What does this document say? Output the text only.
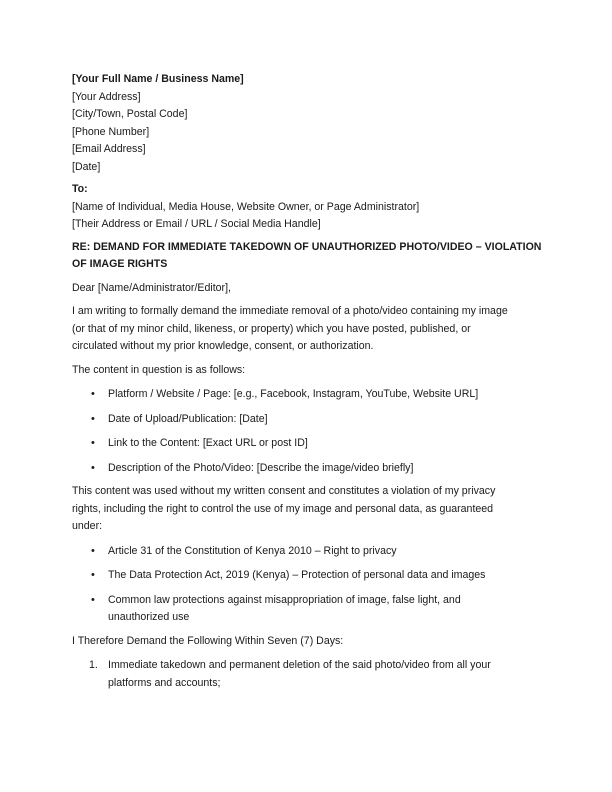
[Your Full Name / Business Name]
[Your Address]
[City/Town, Postal Code]
[Phone Number]
[Email Address]
[Date]
To:
[Name of Individual, Media House, Website Owner, or Page Administrator]
[Their Address or Email / URL / Social Media Handle]
RE: DEMAND FOR IMMEDIATE TAKEDOWN OF UNAUTHORIZED PHOTO/VIDEO – VIOLATION
OF IMAGE RIGHTS
Dear [Name/Administrator/Editor],
I am writing to formally demand the immediate removal of a photo/video containing my image
(or that of my minor child, likeness, or property) which you have posted, published, or
circulated without my prior knowledge, consent, or authorization.
The content in question is as follows:
• Platform / Website / Page: [e.g., Facebook, Instagram, YouTube, Website URL]
• Date of Upload/Publication: [Date]
• Link to the Content: [Exact URL or post ID]
• Description of the Photo/Video: [Describe the image/video briefly]
This content was used without my written consent and constitutes a violation of my privacy
rights, including the right to control the use of my image and personal data, as guaranteed
under:
• Article 31 of the Constitution of Kenya 2010 – Right to privacy
• The Data Protection Act, 2019 (Kenya) – Protection of personal data and images
• Common law protections against misappropriation of image, false light, and
unauthorized use
I Therefore Demand the Following Within Seven (7) Days:
1. Immediate takedown and permanent deletion of the said photo/video from all your
platforms and accounts;
